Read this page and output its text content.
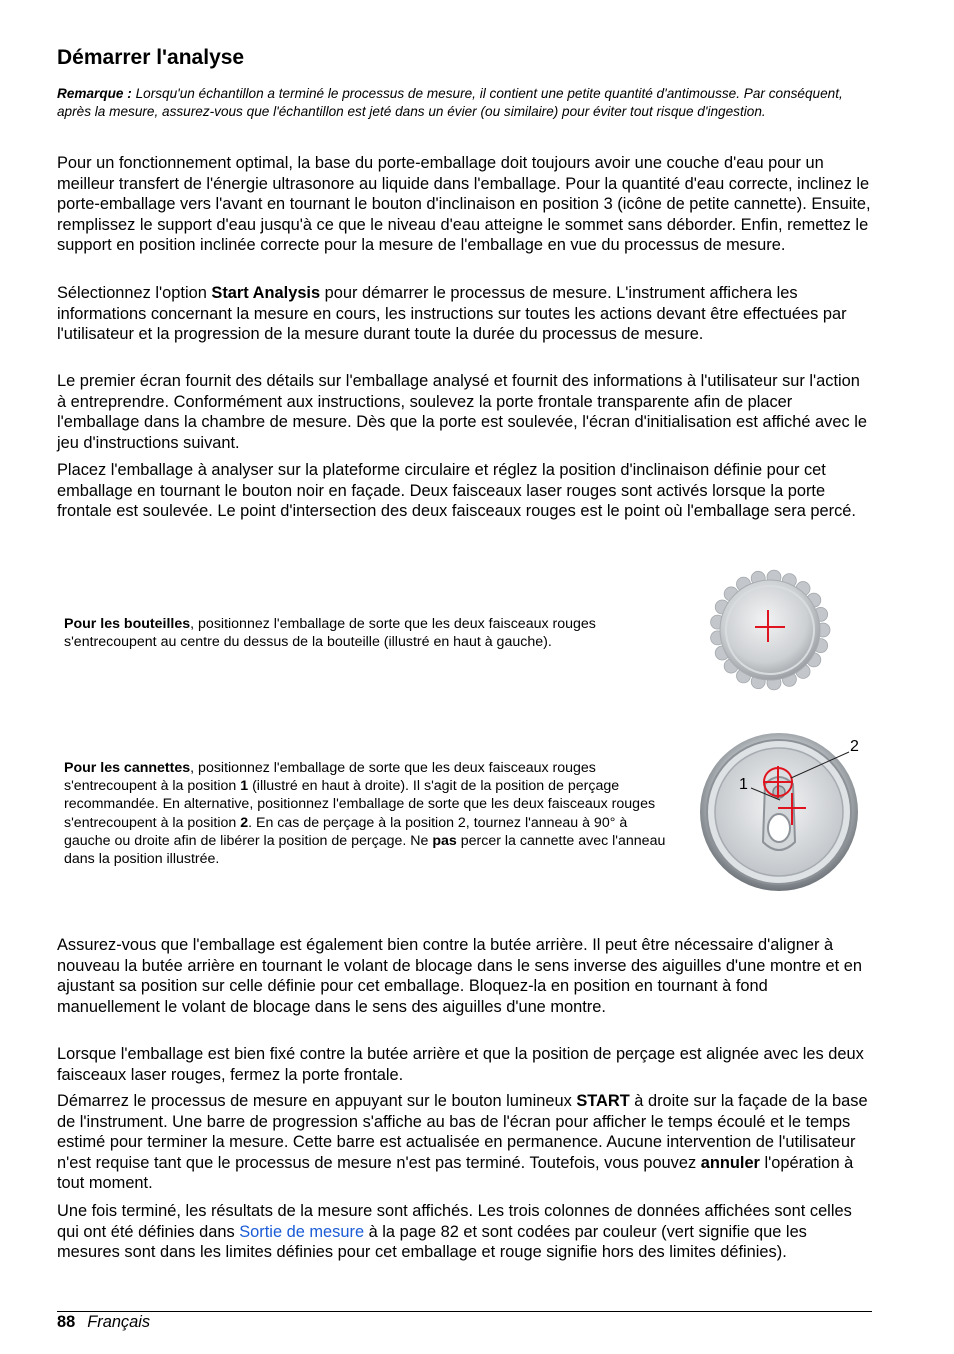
Démarrer l'analyse

Remarque : Lorsqu'un échantillon a terminé le processus de mesure, il contient une petite quantité d'antimousse. Par conséquent, après la mesure, assurez-vous que l'échantillon est jeté dans un évier (ou similaire) pour éviter tout risque d'ingestion.

Pour un fonctionnement optimal, la base du porte-emballage doit toujours avoir une couche d'eau pour un meilleur transfert de l'énergie ultrasonore au liquide dans l'emballage. Pour la quantité d'eau correcte, inclinez le porte-emballage vers l'avant en tournant le bouton d'inclinaison en position 3 (icône de petite cannette). Ensuite, remplissez le support d'eau jusqu'à ce que le niveau d'eau atteigne le sommet sans déborder. Enfin, remettez le support en position inclinée correcte pour la mesure de l'emballage en vue du processus de mesure.

Sélectionnez l'option Start Analysis pour démarrer le processus de mesure. L'instrument affichera les informations concernant la mesure en cours, les instructions sur toutes les actions devant être effectuées par l'utilisateur et la progression de la mesure durant toute la durée du processus de mesure.

Le premier écran fournit des détails sur l'emballage analysé et fournit des informations à l'utilisateur sur l'action à entreprendre. Conformément aux instructions, soulevez la porte frontale transparente afin de placer l'emballage dans la chambre de mesure. Dès que la porte est soulevée, l'écran d'initialisation est affiché avec le jeu d'instructions suivant.

Placez l'emballage à analyser sur la plateforme circulaire et réglez la position d'inclinaison définie pour cet emballage en tournant le bouton noir en façade. Deux faisceaux laser rouges sont activés lorsque la porte frontale est soulevée. Le point d'intersection des deux faisceaux rouges est le point où l'emballage sera percé.

Pour les bouteilles, positionnez l'emballage de sorte que les deux faisceaux rouges s'entrecoupent au centre du dessus de la bouteille (illustré en haut à gauche).

Pour les cannettes, positionnez l'emballage de sorte que les deux faisceaux rouges s'entrecoupent à la position 1 (illustré en haut à droite). Il s'agit de la position de perçage recommandée. En alternative, positionnez l'emballage de sorte que les deux faisceaux rouges s'entrecoupent à la position 2. En cas de perçage à la position 2, tournez l'anneau à 90° à gauche ou droite afin de libérer la position de perçage. Ne pas percer la cannette avec l'anneau dans la position illustrée.

1
2

Assurez-vous que l'emballage est également bien contre la butée arrière. Il peut être nécessaire d'aligner à nouveau la butée arrière en tournant le volant de blocage dans le sens inverse des aiguilles d'une montre et en ajustant sa position sur celle définie pour cet emballage. Bloquez-la en position en tournant à fond manuellement le volant de blocage dans le sens des aiguilles d'une montre.

Lorsque l'emballage est bien fixé contre la butée arrière et que la position de perçage est alignée avec les deux faisceaux laser rouges, fermez la porte frontale.

Démarrez le processus de mesure en appuyant sur le bouton lumineux START à droite sur la façade de la base de l'instrument. Une barre de progression s'affiche au bas de l'écran pour afficher le temps écoulé et le temps estimé pour terminer la mesure. Cette barre est actualisée en permanence. Aucune intervention de l'utilisateur n'est requise tant que le processus de mesure n'est pas terminé. Toutefois, vous pouvez annuler l'opération à tout moment.

Une fois terminé, les résultats de la mesure sont affichés. Les trois colonnes de données affichées sont celles qui ont été définies dans Sortie de mesure à la page 82 et sont codées par couleur (vert signifie que les mesures sont dans les limites définies pour cet emballage et rouge signifie hors des limites définies).

88 Français
